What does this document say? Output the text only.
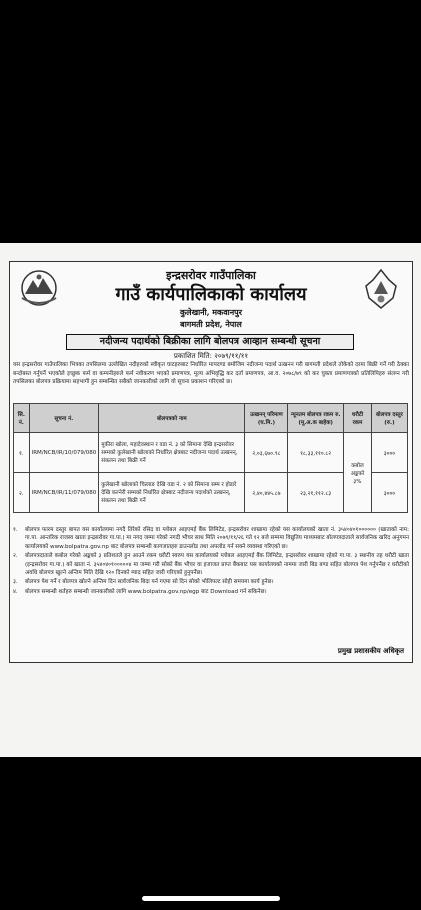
इन्द्रसरोवर गाउँपालिका
गाउँ कार्यपालिकाको कार्यालय
कुलेखानी, मकवानपुर
बागमती प्रदेश, नेपाल
नदीजन्य पदार्थको बिक्रीका लागि बोलपत्र आव्हान सम्बन्धी सूचना
प्रकाशित मिति: २०७९/११/११
यस इन्द्रसरोवर गाउँपालिका भित्रका तपसिलमा उल्लेखित नदीहरुको स्वीकृत घाटहरुबाट निर्धारित मापदण्ड बमोजिम नदीजन्य पदार्थ उत्खनन गरी बागमती प्रदेशले तोकेको दरमा बिक्री गर्ने गरी ठेक्का बन्दोबस्त गर्नुपर्ने भएकोले इच्छुक फर्म वा कम्पनीहरुले फर्म नवीकरण भएको प्रमाणपत्र, मूल्य अभिवृद्धि कर दर्ता प्रमाणपत्र, आ.व. २०७८/७९ को कर चुक्ता प्रमाणपत्रको प्रतिलिपिहरु संलग्न गरी तपसिलका बोलपत्र प्रक्रियामा सहभागी हुन सम्बन्धित सबैको जानकारीको लागि यो सूचना प्रकाशन गरिएको छ।
सि. नं.	सूचना नं.	बोलपत्रको नाम	उत्खनन् परिमाण (घ.मि.)	न्यूनतम बोलपत्र रकम रु. (मू.अ.क बाहेक)	धरौटी रकम	बोलपत्र दस्तुर (रु.)
१.	IRM/NCB/IR/10/079/080	मुकीरा खोला, महादेवस्थान र वडा नं. ३ को सिमाना देखि इन्द्रसरोवर सम्मको कुलेखानी खोलाको निर्धारित क्षेत्रबाट नदीजन्य पदार्थ उत्खनन्, संकलन तथा बिक्री गर्ने	२,०३,६७०.९८	१८,३३,११०.८२	कबोल अङ्कको ३%	३०००
२.	IRM/NCB/IR/11/079/080	कुलेखानी खोलाको चित्लाङ देखि वडा नं. २ को सिमाना सम्म र होडारे देखि कल्नेरी सम्मको निर्धारित क्षेत्रबाट नदीजन्य पदार्थको उत्खनन्, संकलन तथा बिक्री गर्ने	२,४०,४४५.८७	२३,२१,११२.८३		३०००
१. बोलपत्र फारम दस्तुर बापत यस कार्यालयमा नगदै तिरेको रसिद वा ग्लोबल आइएमई बैंक लिमिटेड, इन्द्रसरोवर शाखामा रहेको यस कार्यालयको खाता नं. ३५४०४०१०००००० (खाताको नाम: गा.पा. आन्तरिक राजस्व खाता इन्द्रसरोवर गा.पा.) मा नगद जम्मा गरेको नगदी भौचर साथ मिति २०७९/११/२६ गते १२ बजे सम्ममा विद्युतिय माध्यमबाट बोलपत्रदाताले सार्वजनिक खरिद अनुगमन कार्यालयको www.bolpatra.gov.np बाट बोलपत्र सम्बन्धी कागजातहरु डाउनलोड तथा अपलोड गर्न सक्ने व्यवस्था गरिएको छ।
२. बोलपत्रदाताले कबोल गरेको अङ्कको ३ प्रतिशतले हुन आउने रकम धरौटी स्वरुप यस कार्यालयको ग्लोबल आइएमई बैंक लिमिटेड, इन्द्रसरोवर शाखामा रहेको गा.पा. ३ स्थानीय तह धरौटी खाता (इन्द्रसरोवर गा.पा.) को खाता नं. ३५४०४०१०००००४ मा जम्मा गरी सोको बैंक भौचर वा इजाजत प्राप्त बैंकबाट यस कार्यालयको नाममा जारी बिड बण्ड सहित बोलपत्र पेश गर्नुपर्नेछ र धरौटीको अवधि बोलपत्र खुल्ने अन्तिम मिति देखि १२० दिनको म्याद सहित जारी गरिएको हुनुपर्नेछ।
३. बोलपत्र पेश गर्ने र बोलपत्र खोल्ने अन्तिम दिन सार्वजनिक बिदा पर्न गएमा सो दिन सोको भोलिपल्ट सोही समयमा कार्य हुनेछ।
४. बोलपत्र सम्बन्धी शर्तहरु सम्बन्धी जानकारीको लागि www.bolpatra.gov.np/egp बाट Download गर्न सकिनेछ।
प्रमुख प्रशासकीय अधिकृत
